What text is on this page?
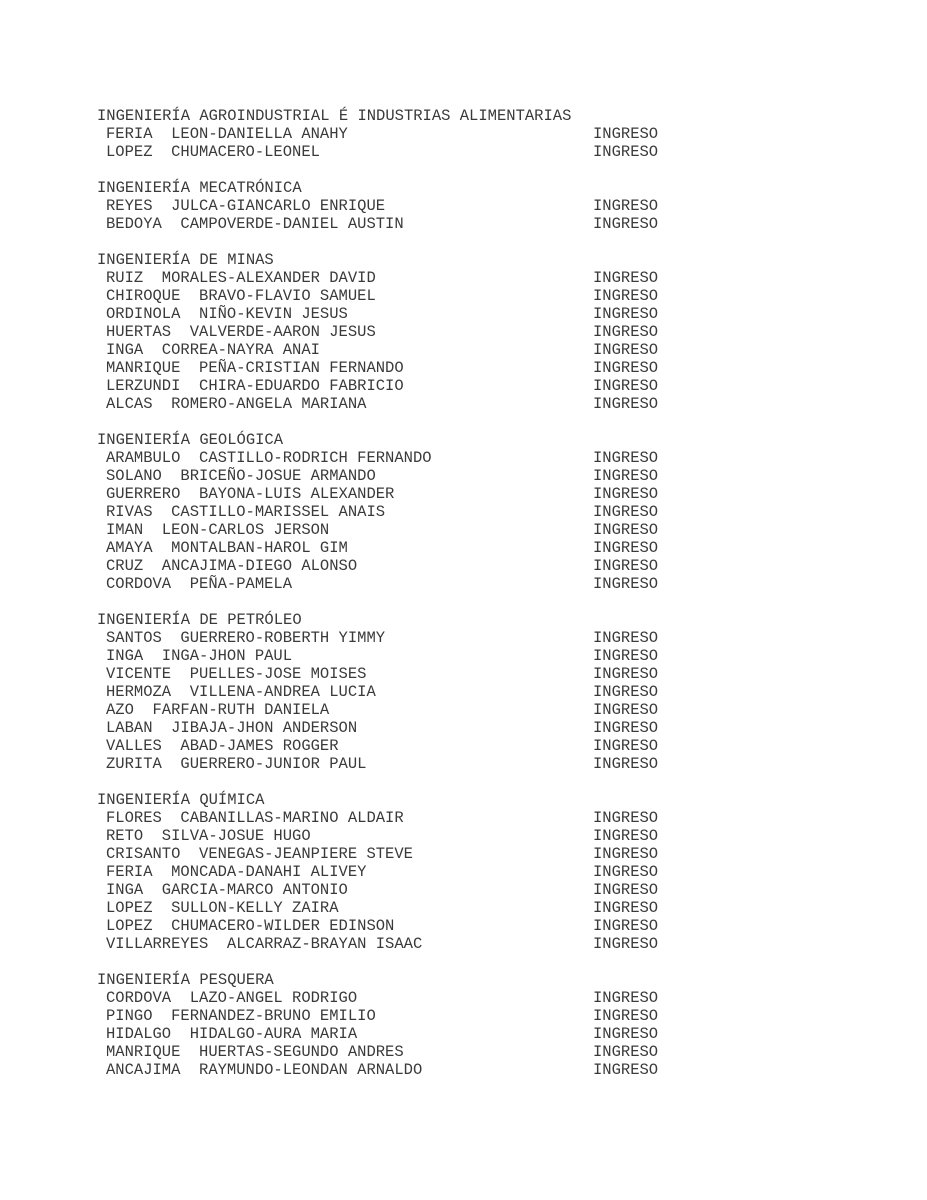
INGENIERÍA AGROINDUSTRIAL É INDUSTRIAS ALIMENTARIAS
FERIA  LEON-DANIELLA ANAHY	INGRESO
LOPEZ  CHUMACERO-LEONEL	INGRESO
INGENIERÍA MECATRÓNICA
REYES  JULCA-GIANCARLO ENRIQUE	INGRESO
BEDOYA  CAMPOVERDE-DANIEL AUSTIN	INGRESO
INGENIERÍA DE MINAS
RUIZ  MORALES-ALEXANDER DAVID	INGRESO
CHIROQUE  BRAVO-FLAVIO SAMUEL	INGRESO
ORDINOLA  NIÑO-KEVIN JESUS	INGRESO
HUERTAS  VALVERDE-AARON JESUS	INGRESO
INGA  CORREA-NAYRA ANAI	INGRESO
MANRIQUE  PEÑA-CRISTIAN FERNANDO	INGRESO
LERZUNDI  CHIRA-EDUARDO FABRICIO	INGRESO
ALCAS  ROMERO-ANGELA MARIANA	INGRESO
INGENIERÍA GEOLÓGICA
ARAMBULO  CASTILLO-RODRICH FERNANDO	INGRESO
SOLANO  BRICEÑO-JOSUE ARMANDO	INGRESO
GUERRERO  BAYONA-LUIS ALEXANDER	INGRESO
RIVAS  CASTILLO-MARISSEL ANAIS	INGRESO
IMAN  LEON-CARLOS JERSON	INGRESO
AMAYA  MONTALBAN-HAROL GIM	INGRESO
CRUZ  ANCAJIMA-DIEGO ALONSO	INGRESO
CORDOVA  PEÑA-PAMELA	INGRESO
INGENIERÍA DE PETRÓLEO
SANTOS  GUERRERO-ROBERTH YIMMY	INGRESO
INGA  INGA-JHON PAUL	INGRESO
VICENTE  PUELLES-JOSE MOISES	INGRESO
HERMOZA  VILLENA-ANDREA LUCIA	INGRESO
AZO  FARFAN-RUTH DANIELA	INGRESO
LABAN  JIBAJA-JHON ANDERSON	INGRESO
VALLES  ABAD-JAMES ROGGER	INGRESO
ZURITA  GUERRERO-JUNIOR PAUL	INGRESO
INGENIERÍA QUÍMICA
FLORES  CABANILLAS-MARINO ALDAIR	INGRESO
RETO  SILVA-JOSUE HUGO	INGRESO
CRISANTO  VENEGAS-JEANPIERE STEVE	INGRESO
FERIA  MONCADA-DANAHI ALIVEY	INGRESO
INGA  GARCIA-MARCO ANTONIO	INGRESO
LOPEZ  SULLON-KELLY ZAIRA	INGRESO
LOPEZ  CHUMACERO-WILDER EDINSON	INGRESO
VILLARREYES  ALCARRAZ-BRAYAN ISAAC	INGRESO
INGENIERÍA PESQUERA
CORDOVA  LAZO-ANGEL RODRIGO	INGRESO
PINGO  FERNANDEZ-BRUNO EMILIO	INGRESO
HIDALGO  HIDALGO-AURA MARIA	INGRESO
MANRIQUE  HUERTAS-SEGUNDO ANDRES	INGRESO
ANCAJIMA  RAYMUNDO-LEONDAN ARNALDO	INGRESO
